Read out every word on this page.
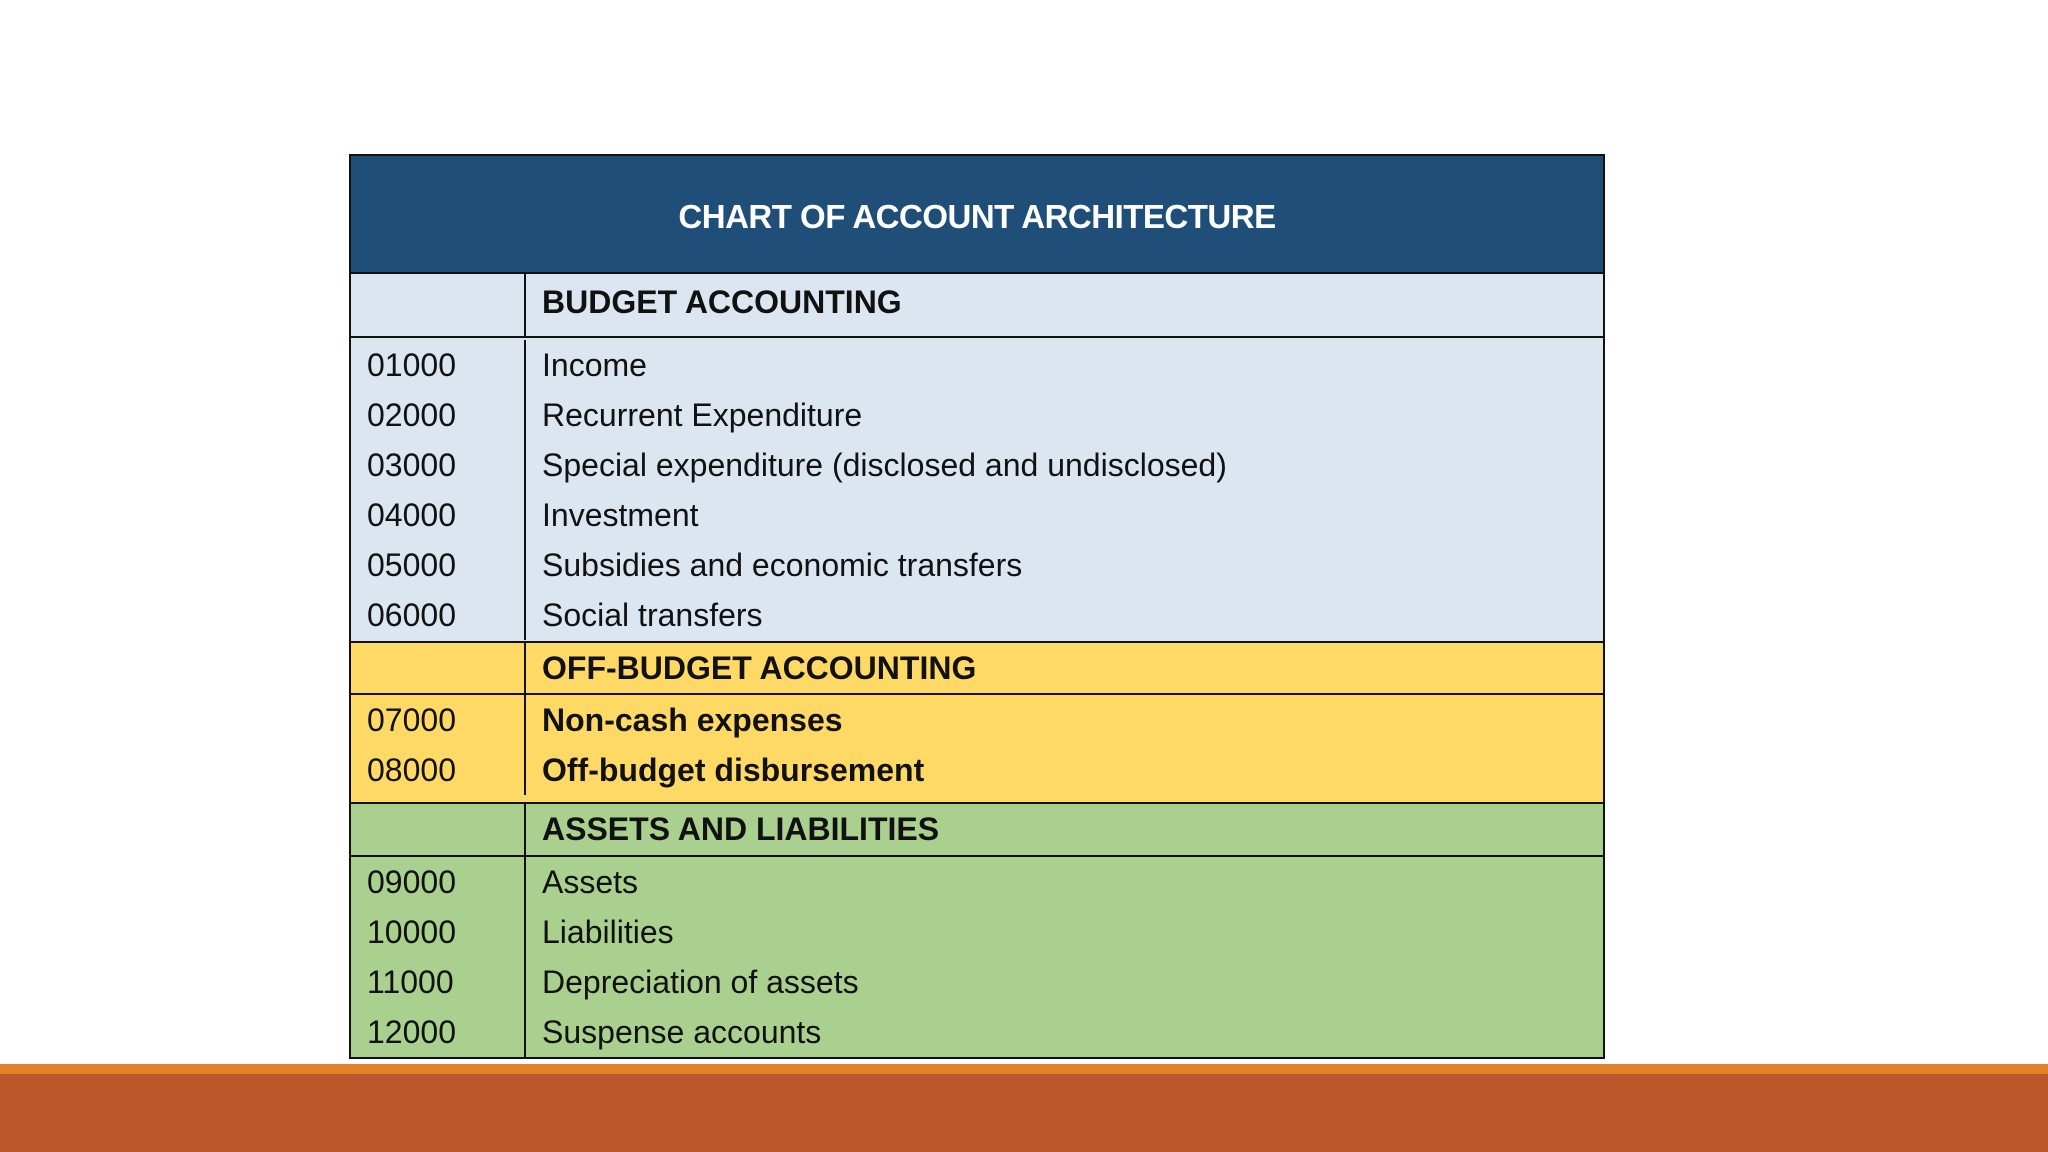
CHART OF ACCOUNT ARCHITECTURE
BUDGET ACCOUNTING
01000	Income
02000	Recurrent Expenditure
03000	Special expenditure (disclosed and undisclosed)
04000	Investment
05000	Subsidies and economic transfers
06000	Social transfers
OFF-BUDGET ACCOUNTING
07000	Non-cash expenses
08000	Off-budget disbursement
ASSETS AND LIABILITIES
09000	Assets
10000	Liabilities
11000	Depreciation of assets
12000	Suspense accounts
